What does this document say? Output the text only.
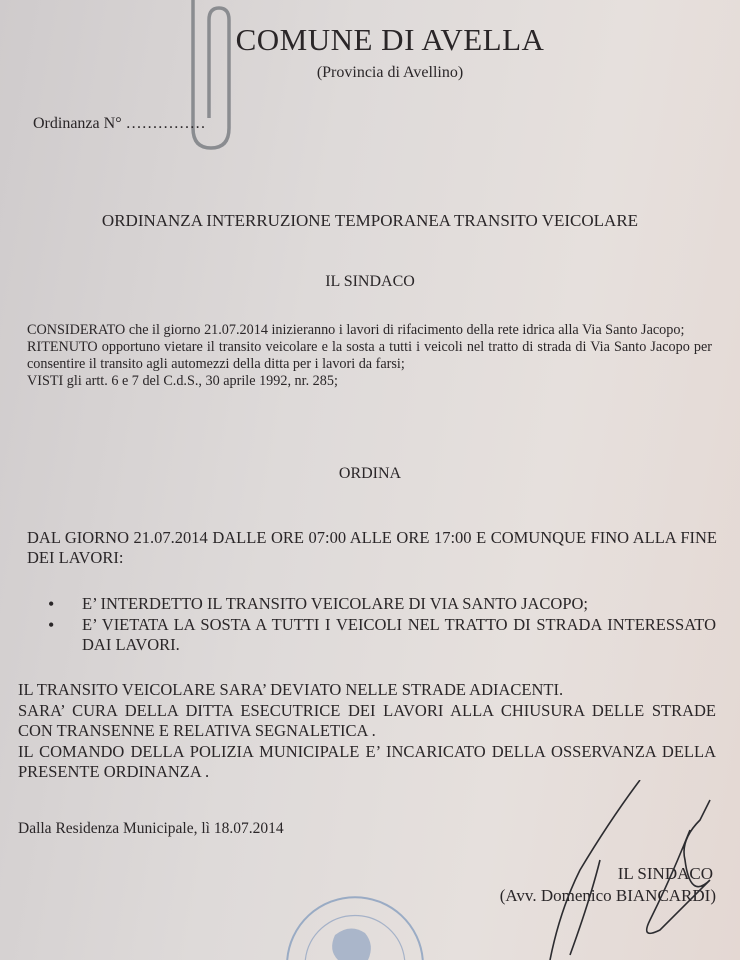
COMUNE DI AVELLA
(Provincia di Avellino)
Ordinanza N° ……………
ORDINANZA INTERRUZIONE TEMPORANEA TRANSITO VEICOLARE
IL SINDACO

CONSIDERATO che il giorno 21.07.2014 inizieranno i lavori di rifacimento della rete idrica alla Via Santo Jacopo;

RITENUTO opportuno vietare il transito veicolare e la sosta a tutti i veicoli nel tratto di strada di Via Santo Jacopo per consentire il transito agli automezzi della ditta per i lavori da farsi;

VISTI gli artt. 6 e 7 del C.d.S., 30 aprile 1992, nr. 285;

ORDINA
DAL GIORNO 21.07.2014 DALLE ORE 07:00 ALLE ORE 17:00 E COMUNQUE FINO ALLA FINE DEI LAVORI:
• E’ INTERDETTO IL TRANSITO VEICOLARE DI VIA SANTO JACOPO;
• E’ VIETATA LA SOSTA A TUTTI I VEICOLI NEL TRATTO DI STRADA INTERESSATO DAI LAVORI.

IL TRANSITO VEICOLARE SARA’ DEVIATO NELLE STRADE ADIACENTI.

SARA’ CURA DELLA DITTA ESECUTRICE DEI LAVORI ALLA CHIUSURA DELLE STRADE CON TRANSENNE E RELATIVA SEGNALETICA .

IL COMANDO DELLA POLIZIA MUNICIPALE E’ INCARICATO DELLA OSSERVANZA DELLA PRESENTE ORDINANZA .

Dalla Residenza Municipale, lì 18.07.2014
IL SINDACO
(Avv. Domenico BIANCARDI)
